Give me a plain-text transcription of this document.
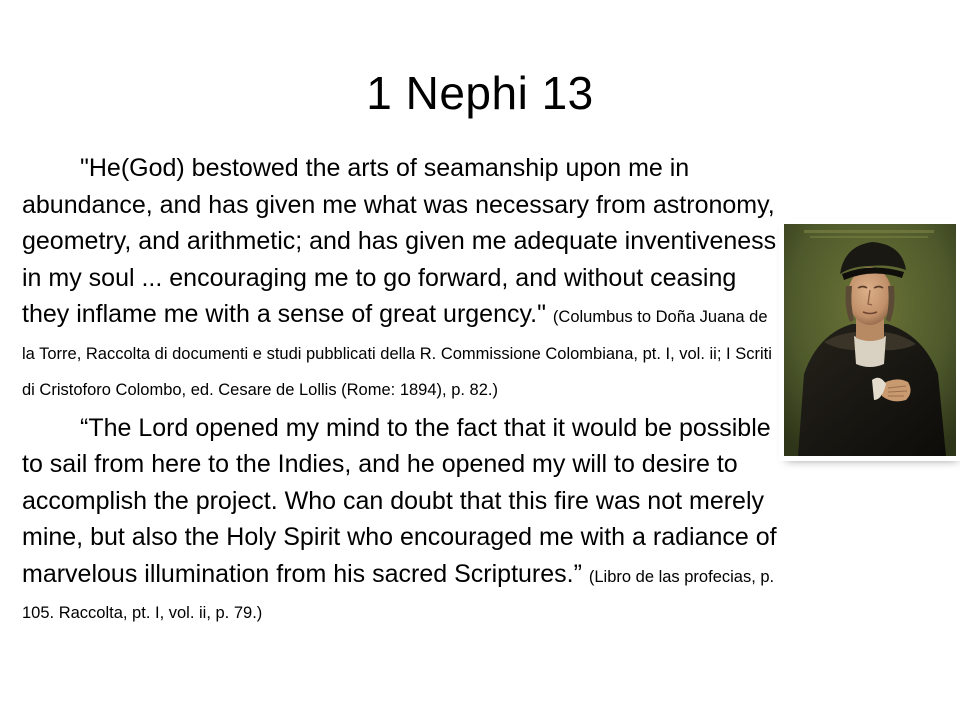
1 Nephi 13

"He(God) bestowed the arts of seamanship upon me in abundance, and has given me what was necessary from astronomy, geometry, and arithmetic; and has given me adequate inventiveness in my soul ... encouraging me to go forward, and without ceasing they inflame me with a sense of great urgency." (Columbus to Doña Juana de la Torre, Raccolta di documenti e studi pubblicati della R. Commissione Colombiana, pt. I, vol. ii; I Scriti di Cristoforo Colombo, ed. Cesare de Lollis (Rome: 1894), p. 82.)

“The Lord opened my mind to the fact that it would be possible to sail from here to the Indies, and he opened my will to desire to accomplish the project. Who can doubt that this fire was not merely mine, but also the Holy Spirit who encouraged me with a radiance of marvelous illumination from his sacred Scriptures.” (Libro de las profecias, p. 105. Raccolta, pt. I, vol. ii, p. 79.)
